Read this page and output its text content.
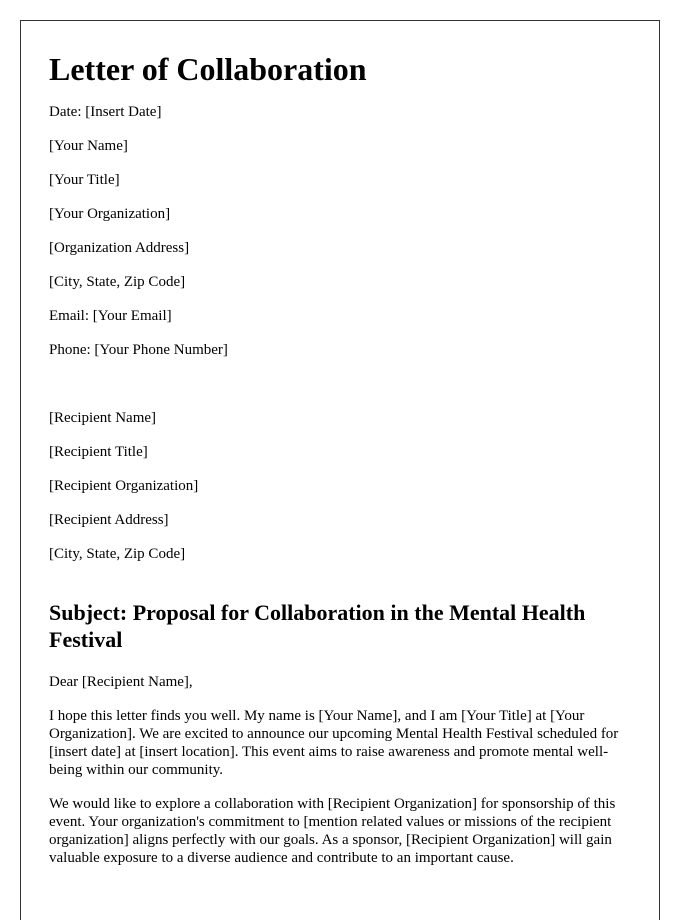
Letter of Collaboration

Date: [Insert Date]

[Your Name]

[Your Title]

[Your Organization]

[Organization Address]

[City, State, Zip Code]

Email: [Your Email]

Phone: [Your Phone Number]

[Recipient Name]

[Recipient Title]

[Recipient Organization]

[Recipient Address]

[City, State, Zip Code]

Subject: Proposal for Collaboration in the Mental Health Festival

Dear [Recipient Name],

I hope this letter finds you well. My name is [Your Name], and I am [Your Title] at [Your Organization]. We are excited to announce our upcoming Mental Health Festival scheduled for [insert date] at [insert location]. This event aims to raise awareness and promote mental well-being within our community.

We would like to explore a collaboration with [Recipient Organization] for sponsorship of this event. Your organization's commitment to [mention related values or missions of the recipient organization] aligns perfectly with our goals. As a sponsor, [Recipient Organization] will gain valuable exposure to a diverse audience and contribute to an important cause.
